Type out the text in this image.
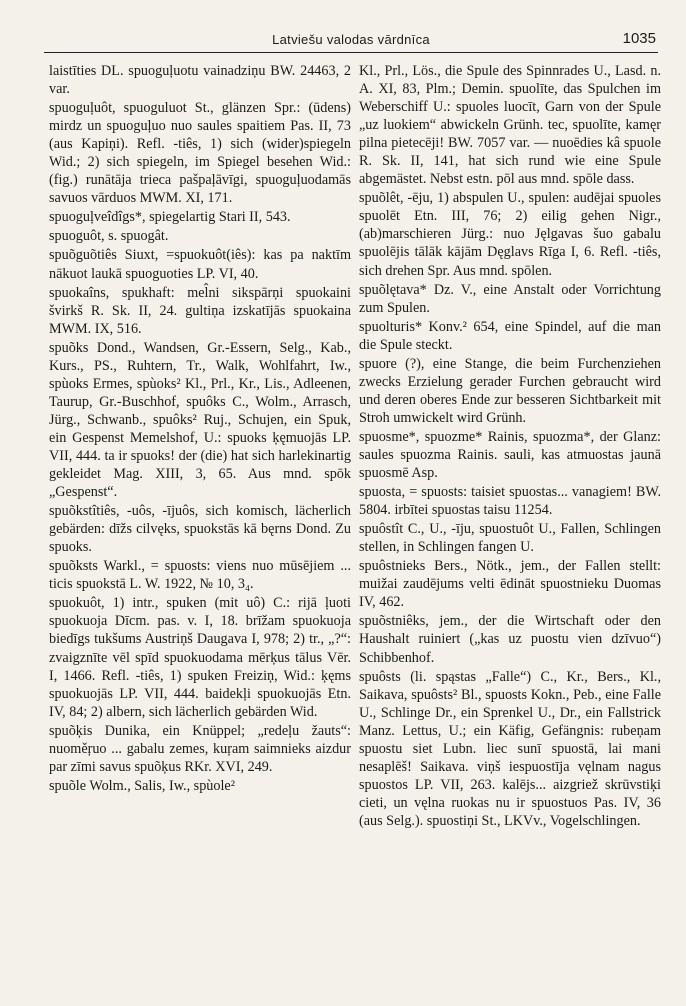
Latviešu valodas vārdnīca	1035

laistīties DL. spuoguļuotu vainadziņu BW. 24463, 2 var.

spuoguļuôt, spuoguluot St., glänzen Spr.: (ūdens) mirdz un spuoguļuo nuo saules spaitiem Pas. II, 73 (aus Kapiņi). Refl. -tiês, 1) sich (wider)spiegeln Wid.; 2) sich spiegeln, im Spiegel besehen Wid.: (fig.) runātāja trieca pašpaļāvīgi, spuoguļuodamās savuos vārduos MWM. XI, 171.

spuoguļveîdîgs*, spiegelartig Stari II, 543.

spuoguôt, s. spuogât.

spuõguõtiês Siuxt, =spuokuôt(iês): kas pa naktīm nākuot laukā spuoguoties LP. VI, 40.

spuokaîns, spukhaft: mel̂ni sikspārņi spuokaini švirkš R. Sk. II, 24. gultiņa izskatījās spuokaina MWM. IX, 516.

spuõks Dond., Wandsen, Gr.-Essern, Selg., Kab., Kurs., PS., Ruhtern, Tr., Walk, Wohlfahrt, Iw., spùoks Ermes, spùoks² Kl., Prl., Kr., Lis., Adleenen, Taurup, Gr.-Buschhof, spuôks C., Wolm., Arrasch, Jürg., Schwanb., spuôks² Ruj., Schujen, ein Spuk, ein Gespenst Memelshof, U.: spuoks ķęmuojās LP. VII, 444. ta ir spuoks! der (die) hat sich harlekinartig gekleidet Mag. XIII, 3, 65. Aus mnd. spōk „Gespenst“.

spuõkstîtiês, -uôs, -ījuôs, sich komisch, lächerlich gebärden: dīžs cilvęks, spuokstās kā bęrns Dond. Zu spuoks.

spuõksts Warkl., = spuosts: viens nuo mūsējiem ... ticis spuokstā L. W. 1922, № 10, 3₄.

spuokuôt, 1) intr., spuken (mit uô) C.: rijā ļuoti spuokuoja Dīcm. pas. v. I, 18. brīžam spuokuoja biedīgs tukšums Austriņš Daugava I, 978; 2) tr., „?“: zvaigznīte vēl spīd spuokuodama mērķus tālus Vēr. I, 1466. Refl. -tiês, 1) spuken Freiziņ, Wid.: ķęms spuokuojās LP. VII, 444. baidekļi spuokuojās Etn. IV, 84; 2) albern, sich lächerlich gebärden Wid.

spuõķis Dunika, ein Knüppel; „redeļu žauts“: nuoměŗuo ... gabalu zemes, kuŗam saimnieks aizdur par zīmi savus spuõķus RKr. XVI, 249.

spuõle Wolm., Salis, Iw., spùole²

Kl., Prl., Lös., die Spule des Spinnrades U., Lasd. n. A. XI, 83, Plm.; Demin. spuolīte, das Spulchen im Weberschiff U.: spuoles luocīt, Garn von der Spule „uz luokiem“ abwickeln Grünh. tec, spuolīte, kamęr pilna pietecēji! BW. 7057 var. — nuoēdies kâ spuole R. Sk. II, 141, hat sich rund wie eine Spule abgemästet. Nebst estn. pōl aus mnd. spōle dass.

spuõlêt, -ēju, 1) abspulen U., spulen: audējai spuoles spuolēt Etn. III, 76; 2) eilig gehen Nigr., (ab)marschieren Jürg.: nuo Jęlgavas šuo gabalu spuolējis tālāk kājām Dęglavs Rīga I, 6. Refl. -tiês, sich drehen Spr. Aus mnd. spōlen.

spuõlętava* Dz. V., eine Anstalt oder Vorrichtung zum Spulen.

spuolturis* Konv.² 654, eine Spindel, auf die man die Spule steckt.

spuore (?), eine Stange, die beim Furchenziehen zwecks Erzielung gerader Furchen gebraucht wird und deren oberes Ende zur besseren Sichtbarkeit mit Stroh umwickelt wird Grünh.

spuosme*, spuozme* Rainis, spuozma*, der Glanz: saules spuozma Rainis. sauli, kas atmuostas jaunā spuosmē Asp.

spuosta, = spuosts: taisiet spuostas... vanagiem! BW. 5804. irbītei spuostas taisu 11254.

spuôstît C., U., -īju, spuostuôt U., Fallen, Schlingen stellen, in Schlingen fangen U.

spuôstnieks Bers., Nötk., jem., der Fallen stellt: muižai zaudējums velti ēdināt spuostnieku Duomas IV, 462.

spuõstniêks, jem., der die Wirtschaft oder den Haushalt ruiniert („kas uz puostu vien dzīvuo“) Schibbenhof.

spuôsts (li. spąstas „Falle“) C., Kr., Bers., Kl., Saikava, spuôsts² Bl., spuosts Kokn., Peb., eine Falle U., Schlinge Dr., ein Sprenkel U., Dr., ein Fallstrick Manz. Lettus, U.; ein Käfig, Gefängnis: rubeņam spuostu siet Lubn. liec sunī spuostā, lai mani nesaplēš! Saikava. viņš iespuostīja vęlnam nagus spuostos LP. VII, 263. kalējs... aizgriež skrūvstiķi cieti, un vęlna ruokas nu ir spuostuos Pas. IV, 36 (aus Selg.). spuostiņi St., LKVv., Vogelschlingen.
